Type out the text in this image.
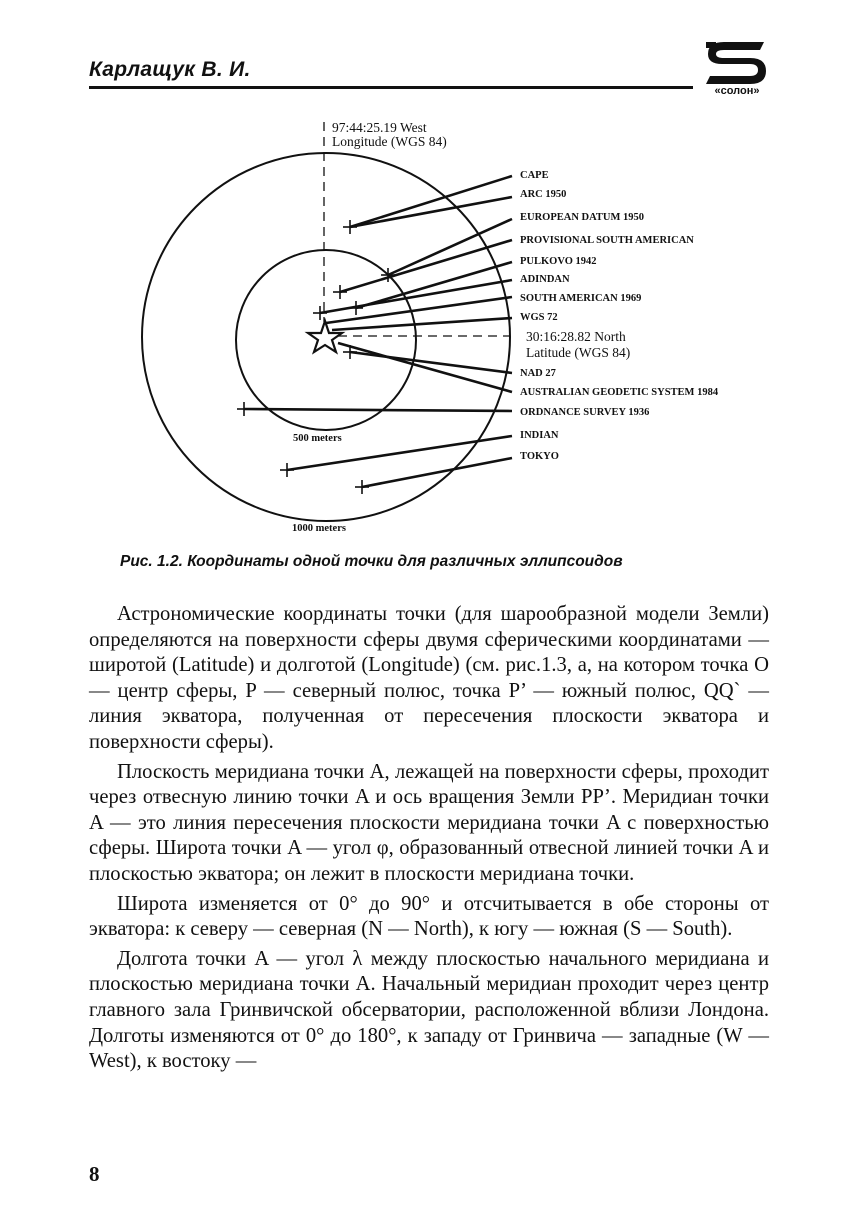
Карлащук В. И.
«солон»
97:44:25.19 West
Longitude (WGS 84)
30:16:28.82 North
Latitude (WGS 84)
500 meters
1000 meters
CAPE
ARC 1950
EUROPEAN DATUM 1950
PROVISIONAL SOUTH AMERICAN
PULKOVO 1942
ADINDAN
SOUTH AMERICAN 1969
WGS 72
NAD 27
AUSTRALIAN GEODETIC SYSTEM 1984
ORDNANCE SURVEY 1936
INDIAN
TOKYO
Рис. 1.2. Координаты одной точки для различных эллипсоидов

Астрономические координаты точки (для шарообразной модели Земли) определяются на поверхности сферы двумя сферическими координатами — широтой (Latitude) и долготой (Longitude) (см. рис.1.3, а, на котором точка O — центр сферы, P — северный полюс, точка P’ — южный полюс, QQ` — линия экватора, полученная от пересечения плоскости экватора и поверхности сферы).

Плоскость меридиана точки A, лежащей на поверхности сферы, проходит через отвесную линию точки A и ось вращения Земли PP’. Меридиан точки A — это линия пересечения плоскости меридиана точки A с поверхностью сферы. Широта точки A — угол φ, образованный отвесной линией точки A и плоскостью экватора; он лежит в плоскости меридиана точки.

Широта изменяется от 0° до 90° и отсчитывается в обе стороны от экватора: к северу — северная (N — North), к югу — южная (S — South).

Долгота точки A — угол λ между плоскостью начального меридиана и плоскостью меридиана точки A. Начальный меридиан проходит через центр главного зала Гринвичской обсерватории, расположенной вблизи Лондона. Долготы изменяются от 0° до 180°, к западу от Гринвича — западные (W — West), к востоку —

8
